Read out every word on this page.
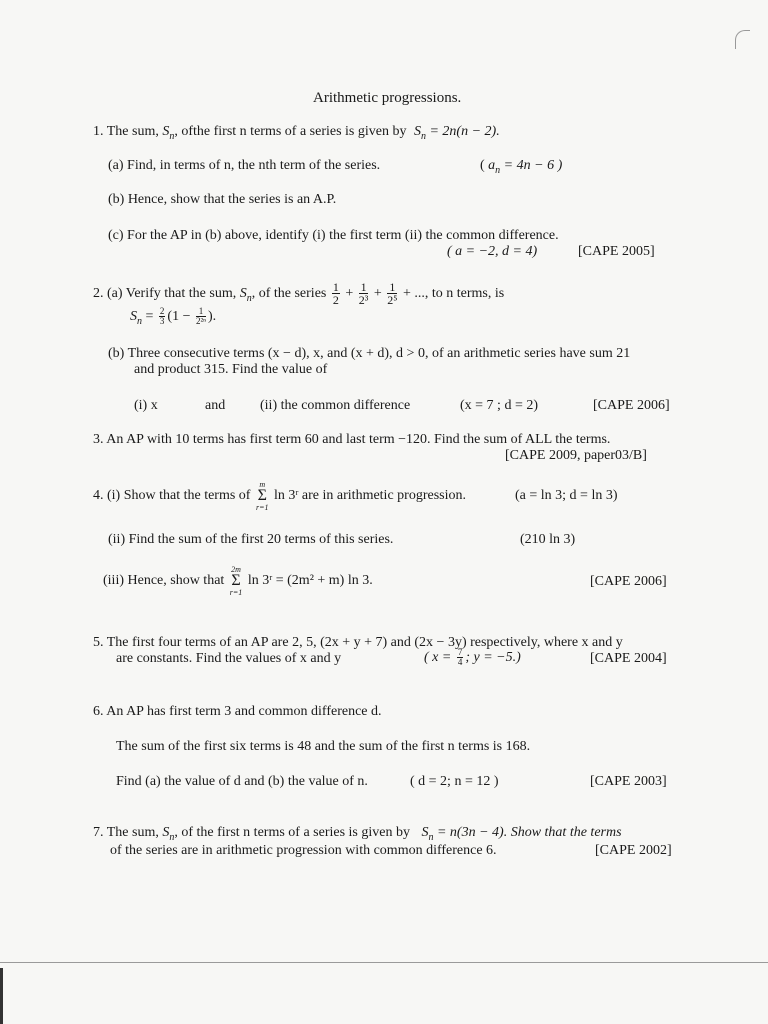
Arithmetic progressions.
1. The sum, $S_n$, ofthe first n terms of a series is given by $S_n = 2n(n - 2)$.
(a) Find, in terms of n, the nth term of the series.	( $a_n = 4n - 6$ )
(b) Hence, show that the series is an A.P.
(c) For the AP in (b) above, identify (i) the first term (ii) the common difference.
( a = −2, d = 4)	[CAPE 2005]
2. (a) Verify that the sum, $S_n$, of the series $\frac{1}{2} + \frac{1}{\text{2³}} + \frac{1}{\text{2⁵}}$ + ..., to n terms, is
$S_n = \frac{2}{3} (1 - \frac{1}{\text{2²ⁿ}}$ ).
(b) Three consecutive terms (x − d), x, and (x + d), d > 0, of an arithmetic series have sum 21
and product 315. Find the value of
(i) x	and (ii) the common difference	(x = 7 ; d = 2)	[CAPE 2006]
3. An AP with 10 terms has first term 60 and last term −120. Find the sum of ALL the terms.
[CAPE 2009, paper03/B]
4. (i) Show that the terms of
m
Σ
r=1
ln 3ʳ are in arithmetic progression.	(a = ln 3; d = ln 3)
(ii) Find the sum of the first 20 terms of this series.	(210 ln 3)
(iii) Hence, show that
2m
Σ
r=1
ln 3ʳ = (2m² + m) ln 3.	[CAPE 2006]
5. The first four terms of an AP are 2, 5, (2x + y + 7) and (2x − 3y) respectively, where x and y
are constants. Find the values of x and y	( $x = \frac{7}{4}$ ; y = −5.)	[CAPE 2004]
6. An AP has first term 3 and common difference d.
The sum of the first six terms is 48 and the sum of the first n terms is 168.
Find (a) the value of d and (b) the value of n.	( d = 2; n = 12 )	[CAPE 2003]
7. The sum, $S_n$, of the first n terms of a series is given by $S_n = n(3n - 4)$. Show that the terms
of the series are in arithmetic progression with common difference 6.	[CAPE 2002]
